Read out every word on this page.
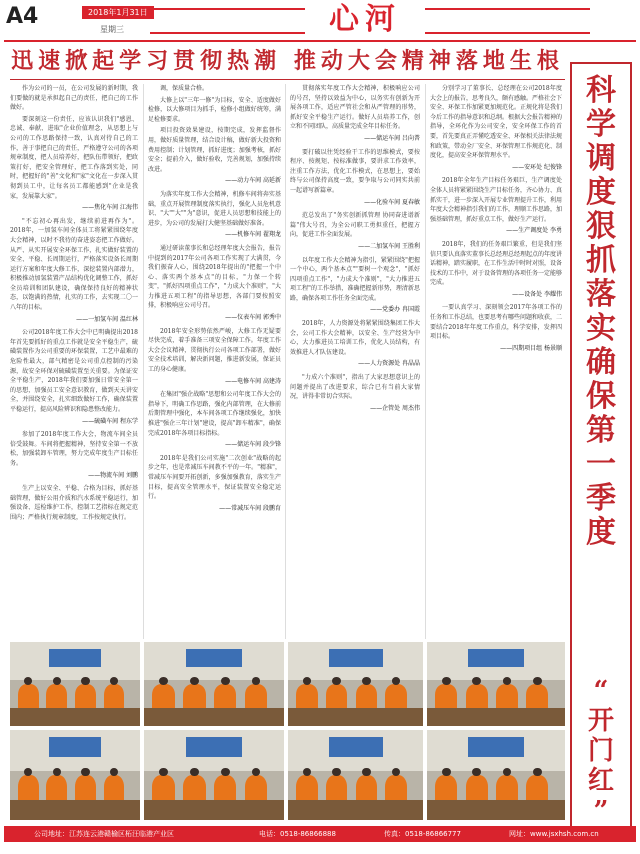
A4	2018年1月31日
星期三	心河
迅速掀起学习贯彻热潮 推动大会精神落地生根

作为公司的一员，在公司发展的新时期，我们要做的就是承担起自己的责任，把自己的工作做好。

要深刻这一份责任，应该认识我们"感恩、忠诚、奉献、进取"企业价值理念，从思想上与公司的工作思路保持一致，认真对待自己的工作，善于事把自己的责任，严格遵守公司的各项规章制度，把人员培养好，把队伍带领好，把政策打好，把安全管理好，把工作落到实处，同时，把握好的"善"文化和"家"文化在一步深入贯彻到员工中，让每名员工都能感到"企业是我家，发展靠大家"。

——焦化车间 江海伟

"不忘初心再出发，继续前进再作为"。2018年，一加氢车间全体员工将紧紧围绕年度大会精神，以时不我待的奋进姿态把工作做好。从严、从实开展安全环保工作，扎实做好装置的安全、平稳、长周期运行，严格落实设备长周期运行方案和年度大修工作，深挖装置内部潜力，积极推动加氢装置产品结构优化调整工作，抓好全员培训和团队建设，确保保持良好的精神状态，以饱满的热情，扎实的工作，去实现二〇一八年的目标。

——一加氢车间 温红林

公司2018年度工作大会中已明确提出2018年首先要抓好的重点工作就是安全平稳生产，硫磺装置作为公司重要的环保装置，工艺中最难的危险性最大，部气精密是公司重点控制的污染源，故安全环保对硫磺装置至关重要。为保证安全平稳生产，2018年我们要加强日常安全第一的思想，加强员工安全意识教育，做到天天讲安全，并围绕安全，扎实细致做好工作，确保装置平稳运行，提高风险辨识和隐患整改能力。

——硫磺车间 程东学

参加了2018年度工作大会，物流车间全员倍受鼓舞。车间将把握精神，坚持安全第一不放松，加强装卸车管理，努力完成年度生产目标任务。

——物流车间 刘鹏

生产上以安全、平稳、合格为目标，抓好基础管理，做好公用介质和汽水系统平稳运行，加强设备、巡检维护工作，控制工艺指标在规定范围内；严格执行规章制度，工作按规定执行。

调，保质量合格。

大修上以"三年一修"为目标，安全、适度做好检修，以大修项目为抓手，检修小组做好统筹，满足检修要求。

项目投资效果建设，按期完成，发挥监督作用，做好质量管理，结合设计稿，做好新大投资和费用控制；计划管理，抓好进度；加强考核，抓好安全；提前介入，做好验收，完善规划，加强持续改进。

——动力车间 高延新

为落实年度工作大会精神，机修车间将奔实基础，重点开展管理制度落实执行，强化人员危机意识、"大""大""为"意识，促进人员思想和技能上的进步，为公司的发展打大健坚基础做好准备。

——机修车间 翟翔龙

通过研读董事长和总经理年度大会报告，报告中提到的2017年公司各项工作实现了大满贯，今我们振奋人心，围绕2018年提出的"把握一个中心、落实两个基本点"的目标，"力保一个转变"，"抓好四项重点工作"，"力成大个准则"，"大力推进五项工程"的指导思想，各部门要按照安排，积极响应公司号召。

——仪表车间 郭秀中

2018年安全形势依然严峻，大修工作无疑要尽快完成，着手准备三项安全保障工作。年度工作大会会议精神，贯彻执行公司各项工作部署，做好安全技术培训，解决新问题，推进新发展，保证员工的身心健康。

——电修车间 高建涛

在集团"强企战略"思想和公司年度工作大会的指导下，明确工作思路，强化内部管理，在大修前后期管理中强化，本车间各项工作继续强化，加快推进"强企三年计划"建设，提高"卸车精准"，确保完成2018年各项目标指标。

——储运车间 段少锋

2018年是我们公司实施"二次创业"战略的起步之年，也是常减压车间教不平的一年。"精准"，常减压车间要开拓创新，多强加强教育，落实生产目标，提高安全管理水平，保证装置安全稳定运行。

——常减压车间 段鹏育

贯彻落实年度工作大会精神，积极响应公司的号召，坚持以效益为中心，以务实有创新为开展各项工作，适应严管社会和从严管理的形势，抓好安全平稳生产运行。做好人员培养工作，创立和不同团队，高质量完成全年目标任务。

——储运车间 吕向普

要打破以往凭经验干工作的思维模式，要按程序、按规矩、按标准做事，要讲求工作效率，注重工作方法，优化工作模式，在思想上，要始终与公司保持高度一致，要争取与公司同实共前一起谱写新篇章。

——化验车间 夏春敏

范总发出了"务实创新抓管理 协同奋进谱新篇"伟大号召，为全公司职工勇担重任，把握方向，促进工作全面发展。

——二加氢车间 王胜利

以年度工作大会精神为指引，紧紧围绕"把握一个中心，两个基本点""要树一个观念"，"抓好四项重点工作"，"力成大个准则"，"大力推进五项工程"的工作举措，准确把握新形势，理清新思路，确保各项工作任务全面完成。

——党委办 冉国霞

2018年，人力资源处将紧紧围绕集团工作大会，公司工作大会精神，以安全、生产经营为中心，大力推进员工培训工作，优化人员结构，有效推进人才队伍建设。

——人力资源处 冉晶晶

"力成六个准则"，指出了大家思想意识上的问题并提出了改进要求，综合已有当前大家情况，讲得非常切合实际。

——企管处 周杰伟

分别学习了董事长、总经理在公司2018年度大会上的报告，思考良久，颇有感触。严格社会下安全、环保工作加紧更加规范化。正规化将是我们今后工作的指导意识和总纲。根据大会报告精神的指导，全环化作为公司安全，安全环保工作的首要，首先要真正弄懂吃透安全、环保相关法律法规和政策，带动全厂安全、环保管理工作规范化、制度化，提高安全环保管理水平。

——安环处 纪俊锋

2018年全年生产目标任务艰巨，生产调度处全体人员将紧紧围绕生产目标任务，齐心协力、真抓实干，进一步深入开展专业管理提升工作，利用年度大会精神指引我们的工作，理顺工作思路，加强基础管理，抓好重点工作，做好生产运行。

——生产调度处 李勇

2018年，我们的任务艰巨繁重，但是我们坚信只要认真落实董事长总经理总经理起点的年度讲话精神，踏实履职，在工作生活中时时对照，设备技术的工作中，对于设备管理的各项任务一定能够完成。

——设备处 李耀伟

一要认真学习、深刻领会2017年各项工作的任务和工作总结，也要思考有哪些问题和收获，二要结合2018年年度工作重点，科学安排，发挥四项目标。

——四期项目组 杨景顺

科
学
调
度
狠
抓
落
实
确
保
第
一
季
度
“
开
门
红
”
公司地址：江苏连云港赣榆区柘汪临港产业区	电话：0518-86866888	传真：0518-86866777	网址：www.jsxhsh.com.cn
